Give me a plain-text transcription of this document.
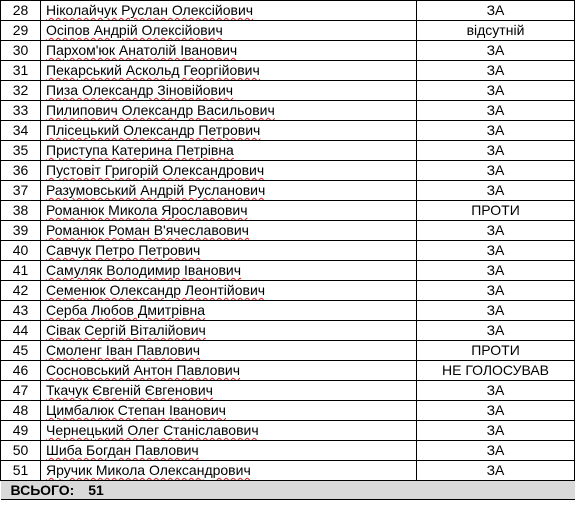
28	Ніколайчук Руслан Олексійович	ЗА
29	Осіпов Андрій Олексійович	відсутній
30	Пархом'юк Анатолій Іванович	ЗА
31	Пекарський Аскольд Георгійович	ЗА
32	Пиза Олександр Зіновійович	ЗА
33	Пилипович Олександр Васильович	ЗА
34	Плісецький Олександр Петрович	ЗА
35	Приступа Катерина Петрівна	ЗА
36	Пустовіт Григорій Олександрович	ЗА
37	Разумовський Андрій Русланович	ЗА
38	Романюк Микола Ярославович	ПРОТИ
39	Романюк Роман В'ячеславович	ЗА
40	Савчук Петро Петрович	ЗА
41	Самуляк Володимир Іванович	ЗА
42	Семенюк Олександр Леонтійович	ЗА
43	Серба Любов Дмитрівна	ЗА
44	Сівак Сергій Віталійович	ЗА
45	Смоленг Іван Павлович	ПРОТИ
46	Сосновський Антон Павлович	НЕ ГОЛОСУВАВ
47	Ткачук Євгеній Євгенович	ЗА
48	Цимбалюк Степан Іванович	ЗА
49	Чернецький Олег Станіславович	ЗА
50	Шиба Богдан Павлович	ЗА
51	Яручик Микола Олександрович	ЗА
ВСЬОГО: 51		
